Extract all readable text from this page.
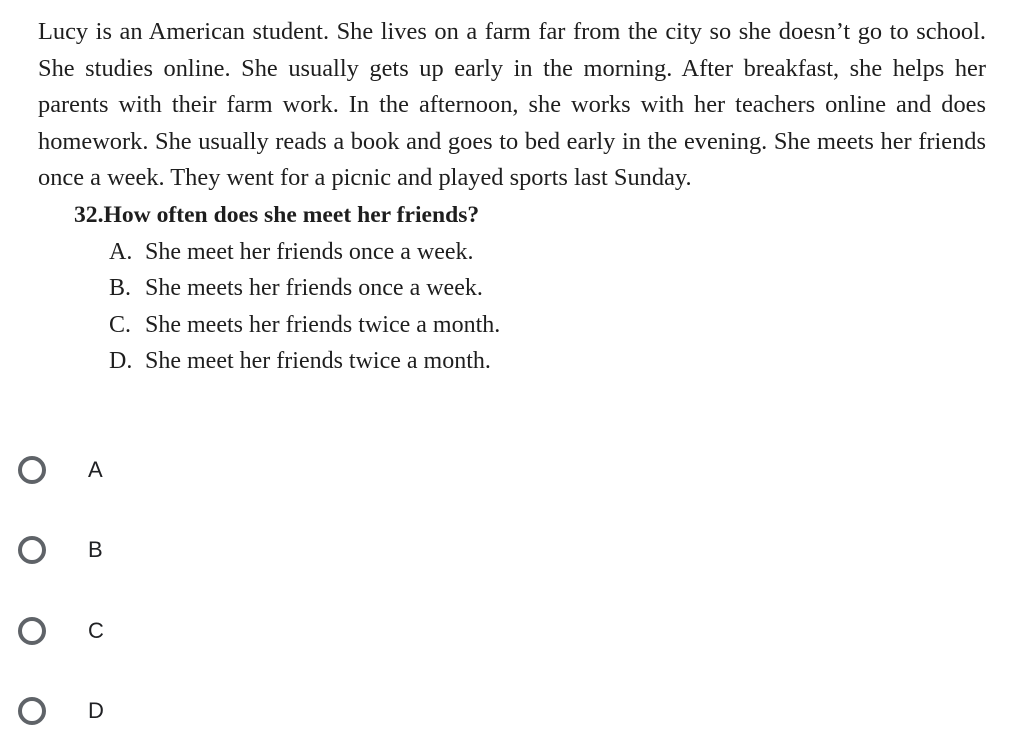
Lucy is an American student. She lives on a farm far from the city so she doesn’t go to school. She studies online. She usually gets up early in the morning. After breakfast, she helps her parents with their farm work. In the afternoon, she works with her teachers online and does homework. She usually reads a book and goes to bed early in the evening. She meets her friends once a week. They went for a picnic and played sports last Sunday.

32.How often does she meet her friends?

A. She meet her friends once a week.
B. She meets her friends once a week.
C. She meets her friends twice a month.
D. She meet her friends twice a month.
A
B
C
D
